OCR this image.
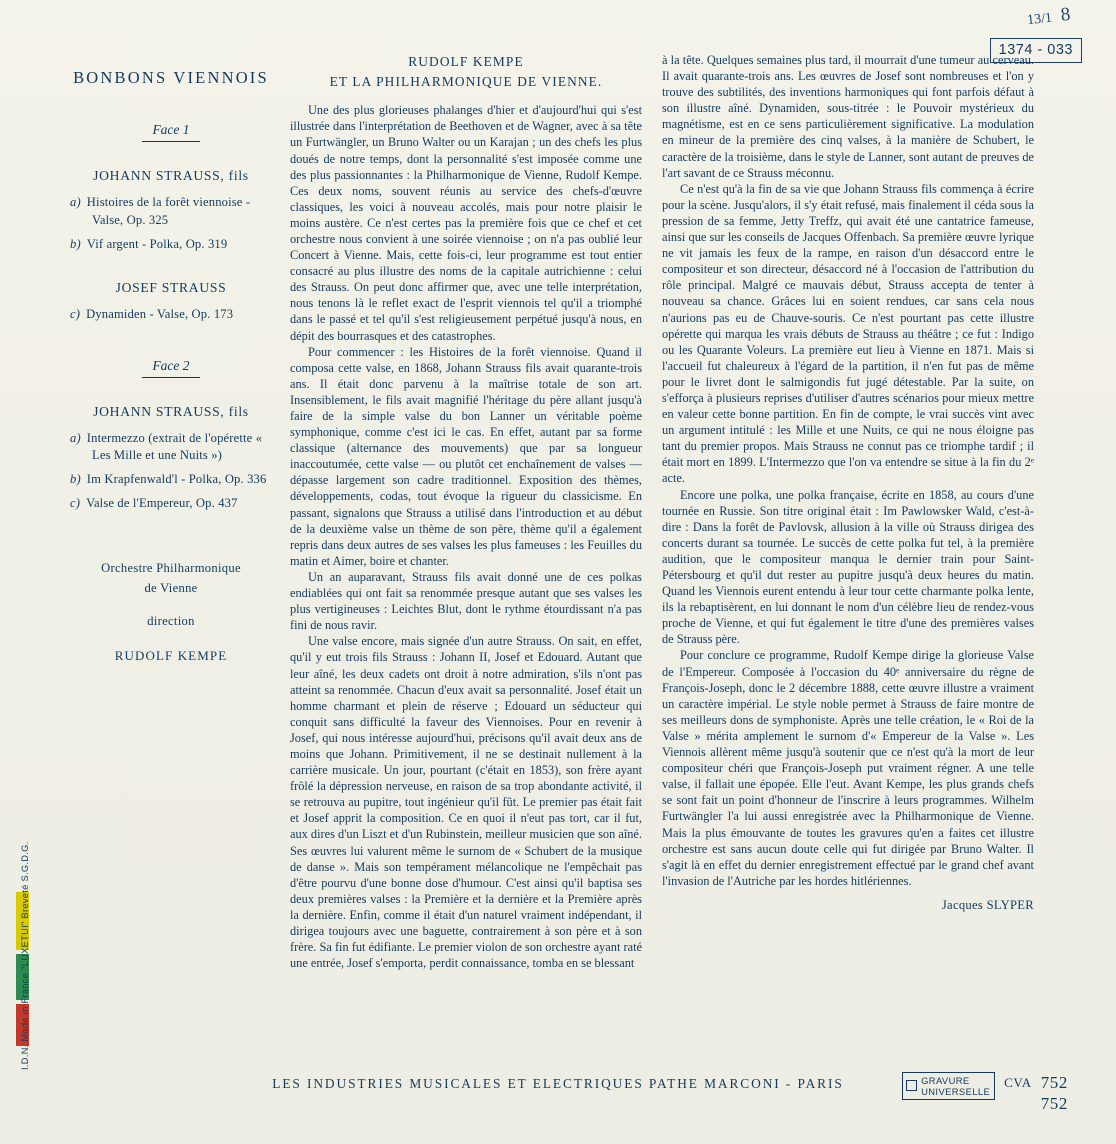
13/1 8
1374 - 033
I.D.N. Made in France "LUXETUI" Breveté S.G.D.G.
BONBONS VIENNOIS
Face 1
JOHANN STRAUSS, fils
a) Histoires de la forêt viennoise - Valse, Op. 325
b) Vif argent - Polka, Op. 319
JOSEF STRAUSS
c) Dynamiden - Valse, Op. 173
Face 2
JOHANN STRAUSS, fils
a) Intermezzo (extrait de l'opérette « Les Mille et une Nuits »)
b) Im Krapfenwald'l - Polka, Op. 336
c) Valse de l'Empereur, Op. 437
Orchestre Philharmonique
de Vienne
direction
RUDOLF KEMPE
RUDOLF KEMPE
ET LA PHILHARMONIQUE DE VIENNE.

Une des plus glorieuses phalanges d'hier et d'aujourd'hui qui s'est illustrée dans l'interprétation de Beethoven et de Wagner, avec à sa tête un Furtwängler, un Bruno Walter ou un Karajan ; un des chefs les plus doués de notre temps, dont la personnalité s'est imposée comme une des plus passionnantes : la Philharmonique de Vienne, Rudolf Kempe. Ces deux noms, souvent réunis au service des chefs-d'œuvre classiques, les voici à nouveau accolés, mais pour notre plaisir le moins austère. Ce n'est certes pas la première fois que ce chef et cet orchestre nous convient à une soirée viennoise ; on n'a pas oublié leur Concert à Vienne. Mais, cette fois-ci, leur programme est tout entier consacré au plus illustre des noms de la capitale autrichienne : celui des Strauss. On peut donc affirmer que, avec une telle interprétation, nous tenons là le reflet exact de l'esprit viennois tel qu'il a triomphé dans le passé et tel qu'il s'est religieusement perpétué jusqu'à nous, en dépit des bourrasques et des catastrophes.

Pour commencer : les Histoires de la forêt viennoise. Quand il composa cette valse, en 1868, Johann Strauss fils avait quarante-trois ans. Il était donc parvenu à la maîtrise totale de son art. Insensiblement, le fils avait magnifié l'héritage du père allant jusqu'à faire de la simple valse du bon Lanner un véritable poème symphonique, comme c'est ici le cas. En effet, autant par sa forme classique (alternance des mouvements) que par sa longueur inaccoutumée, cette valse — ou plutôt cet enchaînement de valses — dépasse largement son cadre traditionnel. Exposition des thèmes, développements, codas, tout évoque la rigueur du classicisme. En passant, signalons que Strauss a utilisé dans l'introduction et au début de la deuxième valse un thème de son père, thème qu'il a également repris dans deux autres de ses valses les plus fameuses : les Feuilles du matin et Aimer, boire et chanter.

Un an auparavant, Strauss fils avait donné une de ces polkas endiablées qui ont fait sa renommée presque autant que ses valses les plus vertigineuses : Leichtes Blut, dont le rythme étourdissant n'a pas fini de nous ravir.

Une valse encore, mais signée d'un autre Strauss. On sait, en effet, qu'il y eut trois fils Strauss : Johann II, Josef et Edouard. Autant que leur aîné, les deux cadets ont droit à notre admiration, s'ils n'ont pas atteint sa renommée. Chacun d'eux avait sa personnalité. Josef était un homme charmant et plein de réserve ; Edouard un séducteur qui conquit sans difficulté la faveur des Viennoises. Pour en revenir à Josef, qui nous intéresse aujourd'hui, précisons qu'il avait deux ans de moins que Johann. Primitivement, il ne se destinait nullement à la carrière musicale. Un jour, pourtant (c'était en 1853), son frère ayant frôlé la dépression nerveuse, en raison de sa trop abondante activité, il se retrouva au pupitre, tout ingénieur qu'il fût. Le premier pas était fait et Josef apprit la composition. Ce en quoi il n'eut pas tort, car il fut, aux dires d'un Liszt et d'un Rubinstein, meilleur musicien que son aîné. Ses œuvres lui valurent même le surnom de « Schubert de la musique de danse ». Mais son tempérament mélancolique ne l'empêchait pas d'être pourvu d'une bonne dose d'humour. C'est ainsi qu'il baptisa ses deux premières valses : la Première et la dernière et la Première après la dernière. Enfin, comme il était d'un naturel vraiment indépendant, il dirigea toujours avec une baguette, contrairement à son père et à son frère. Sa fin fut édifiante. Le premier violon de son orchestre ayant raté une entrée, Josef s'emporta, perdit connaissance, tomba en se blessant

à la tête. Quelques semaines plus tard, il mourrait d'une tumeur au cerveau. Il avait quarante-trois ans. Les œuvres de Josef sont nombreuses et l'on y trouve des subtilités, des inventions harmoniques qui font parfois défaut à son illustre aîné. Dynamiden, sous-titrée : le Pouvoir mystérieux du magnétisme, est en ce sens particulièrement significative. La modulation en mineur de la première des cinq valses, à la manière de Schubert, le caractère de la troisième, dans le style de Lanner, sont autant de preuves de l'art savant de ce Strauss méconnu.

Ce n'est qu'à la fin de sa vie que Johann Strauss fils commença à écrire pour la scène. Jusqu'alors, il s'y était refusé, mais finalement il céda sous la pression de sa femme, Jetty Treffz, qui avait été une cantatrice fameuse, ainsi que sur les conseils de Jacques Offenbach. Sa première œuvre lyrique ne vit jamais les feux de la rampe, en raison d'un désaccord entre le compositeur et son directeur, désaccord né à l'occasion de l'attribution du rôle principal. Malgré ce mauvais début, Strauss accepta de tenter à nouveau sa chance. Grâces lui en soient rendues, car sans cela nous n'aurions pas eu de Chauve-souris. Ce n'est pourtant pas cette illustre opérette qui marqua les vrais débuts de Strauss au théâtre ; ce fut : Indigo ou les Quarante Voleurs. La première eut lieu à Vienne en 1871. Mais si l'accueil fut chaleureux à l'égard de la partition, il n'en fut pas de même pour le livret dont le salmigondis fut jugé détestable. Par la suite, on s'efforça à plusieurs reprises d'utiliser d'autres scénarios pour mieux mettre en valeur cette bonne partition. En fin de compte, le vrai succès vint avec un argument intitulé : les Mille et une Nuits, ce qui ne nous éloigne pas tant du premier propos. Mais Strauss ne connut pas ce triomphe tardif ; il était mort en 1899. L'Intermezzo que l'on va entendre se situe à la fin du 2ᵉ acte.

Encore une polka, une polka française, écrite en 1858, au cours d'une tournée en Russie. Son titre original était : Im Pawlowsker Wald, c'est-à-dire : Dans la forêt de Pavlovsk, allusion à la ville où Strauss dirigea des concerts durant sa tournée. Le succès de cette polka fut tel, à la première audition, que le compositeur manqua le dernier train pour Saint-Pétersbourg et qu'il dut rester au pupitre jusqu'à deux heures du matin. Quand les Viennois eurent entendu à leur tour cette charmante polka lente, ils la rebaptisèrent, en lui donnant le nom d'un célèbre lieu de rendez-vous proche de Vienne, et qui fut également le titre d'une des premières valses de Strauss père.

Pour conclure ce programme, Rudolf Kempe dirige la glorieuse Valse de l'Empereur. Composée à l'occasion du 40ᵉ anniversaire du règne de François-Joseph, donc le 2 décembre 1888, cette œuvre illustre a vraiment un caractère impérial. Le style noble permet à Strauss de faire montre de ses meilleurs dons de symphoniste. Après une telle création, le « Roi de la Valse » mérita amplement le surnom d'« Empereur de la Valse ». Les Viennois allèrent même jusqu'à soutenir que ce n'est qu'à la mort de leur compositeur chéri que François-Joseph put vraiment régner. A une telle valse, il fallait une épopée. Elle l'eut. Avant Kempe, les plus grands chefs se sont fait un point d'honneur de l'inscrire à leurs programmes. Wilhelm Furtwängler l'a lui aussi enregistrée avec la Philharmonique de Vienne. Mais la plus émouvante de toutes les gravures qu'en a faites cet illustre orchestre est sans aucun doute celle qui fut dirigée par Bruno Walter. Il s'agit là en effet du dernier enregistrement effectué par le grand chef avant l'invasion de l'Autriche par les hordes hitlériennes.

Jacques SLYPER
LES INDUSTRIES MUSICALES ET ELECTRIQUES PATHE MARCONI - PARIS	GRAVURE
UNIVERSELLE
CVA 752
752
